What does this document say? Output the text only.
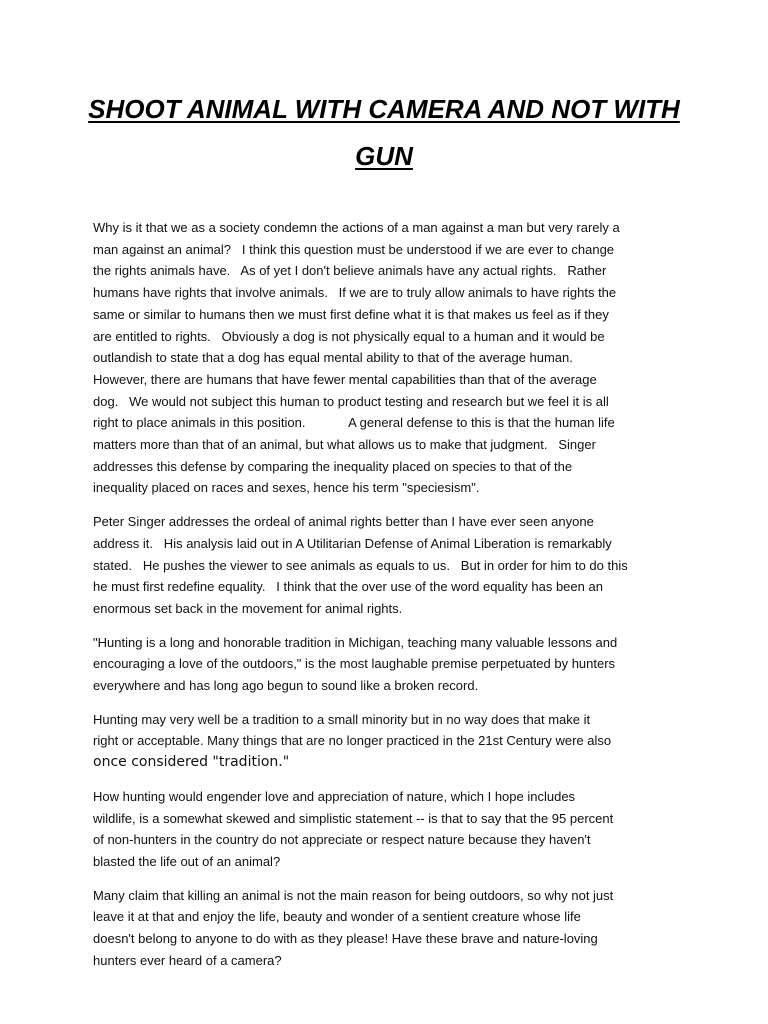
SHOOT ANIMAL WITH CAMERA AND NOT WITH GUN

Why is it that we as a society condemn the actions of a man against a man but very rarely a
man against an animal?   I think this question must be understood if we are ever to change
the rights animals have.   As of yet I don't believe animals have any actual rights.   Rather
humans have rights that involve animals.   If we are to truly allow animals to have rights the
same or similar to humans then we must first define what it is that makes us feel as if they
are entitled to rights.   Obviously a dog is not physically equal to a human and it would be
outlandish to state that a dog has equal mental ability to that of the average human.
However, there are humans that have fewer mental capabilities than that of the average
dog.   We would not subject this human to product testing and research but we feel it is all
right to place animals in this position.            A general defense to this is that the human life
matters more than that of an animal, but what allows us to make that judgment.   Singer
addresses this defense by comparing the inequality placed on species to that of the
inequality placed on races and sexes, hence his term "speciesism".

Peter Singer addresses the ordeal of animal rights better than I have ever seen anyone
address it.   His analysis laid out in A Utilitarian Defense of Animal Liberation is remarkably
stated.   He pushes the viewer to see animals as equals to us.   But in order for him to do this
he must first redefine equality.   I think that the over use of the word equality has been an
enormous set back in the movement for animal rights.

"Hunting is a long and honorable tradition in Michigan, teaching many valuable lessons and
encouraging a love of the outdoors," is the most laughable premise perpetuated by hunters
everywhere and has long ago begun to sound like a broken record.

Hunting may very well be a tradition to a small minority but in no way does that make it
right or acceptable. Many things that are no longer practiced in the 21st Century were also
once considered "tradition."

How hunting would engender love and appreciation of nature, which I hope includes
wildlife, is a somewhat skewed and simplistic statement -- is that to say that the 95 percent
of non-hunters in the country do not appreciate or respect nature because they haven't
blasted the life out of an animal?

Many claim that killing an animal is not the main reason for being outdoors, so why not just
leave it at that and enjoy the life, beauty and wonder of a sentient creature whose life
doesn't belong to anyone to do with as they please! Have these brave and nature-loving
hunters ever heard of a camera?
